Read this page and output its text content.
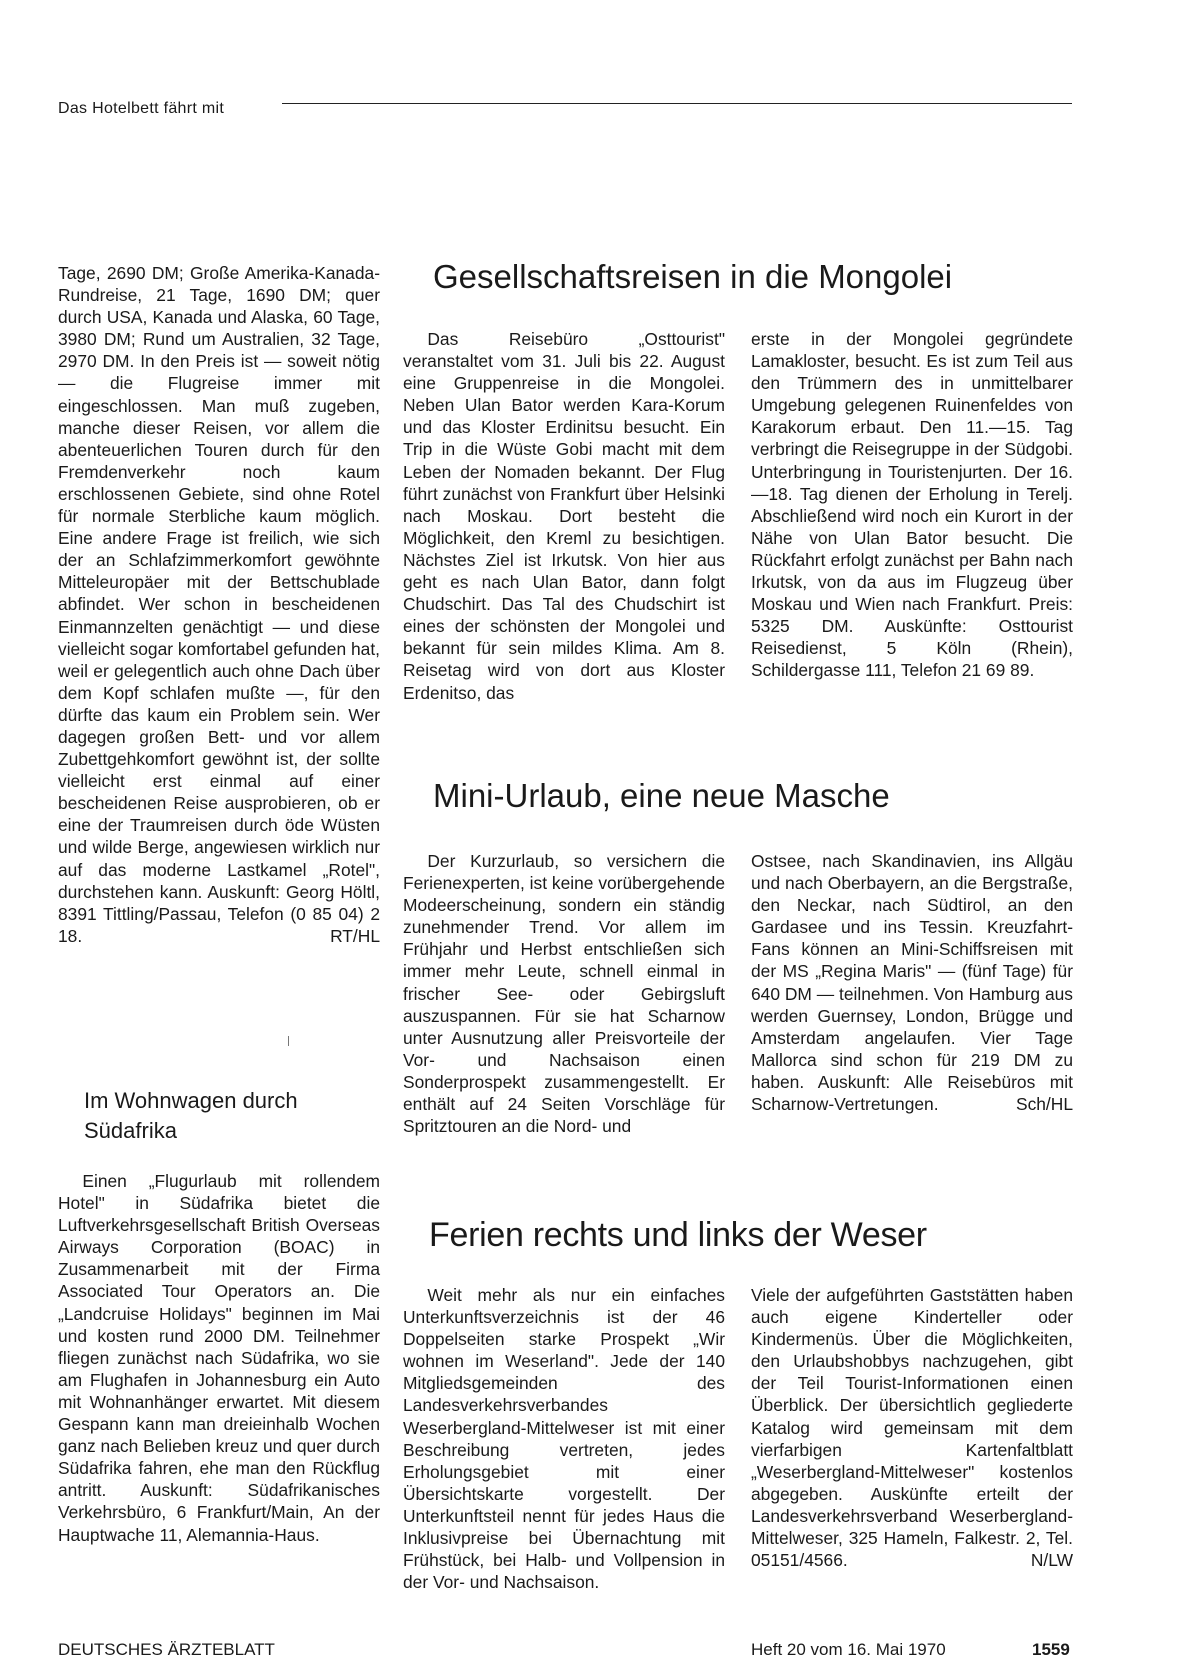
Das Hotelbett fährt mit

Tage, 2690 DM; Große Amerika-Kanada-Rundreise, 21 Tage, 1690 DM; quer durch USA, Kanada und Alaska, 60 Tage, 3980 DM; Rund um Australien, 32 Tage, 2970 DM. In den Preis ist — soweit nötig — die Flugreise immer mit eingeschlossen. Man muß zugeben, manche dieser Reisen, vor allem die abenteuerlichen Touren durch für den Fremdenverkehr noch kaum erschlossenen Gebiete, sind ohne Rotel für normale Sterbliche kaum möglich. Eine andere Frage ist freilich, wie sich der an Schlafzimmerkomfort gewöhnte Mitteleuropäer mit der Bettschublade abfindet. Wer schon in bescheidenen Einmannzelten genächtigt — und diese vielleicht sogar komfortabel gefunden hat, weil er gelegentlich auch ohne Dach über dem Kopf schlafen mußte —, für den dürfte das kaum ein Problem sein. Wer dagegen großen Bett- und vor allem Zubettgehkomfort gewöhnt ist, der sollte vielleicht erst einmal auf einer bescheidenen Reise ausprobieren, ob er eine der Traumreisen durch öde Wüsten und wilde Berge, angewiesen wirklich nur auf das moderne Lastkamel „Rotel", durchstehen kann. Auskunft: Georg Höltl, 8391 Tittling/Passau, Telefon (0 85 04) 2 18.	RT/HL

Im Wohnwagen durch Südafrika

Einen „Flugurlaub mit rollendem Hotel" in Südafrika bietet die Luftverkehrsgesellschaft British Overseas Airways Corporation (BOAC) in Zusammenarbeit mit der Firma Associated Tour Operators an. Die „Landcruise Holidays" beginnen im Mai und kosten rund 2000 DM. Teilnehmer fliegen zunächst nach Südafrika, wo sie am Flughafen in Johannesburg ein Auto mit Wohnanhänger erwartet. Mit diesem Gespann kann man dreieinhalb Wochen ganz nach Belieben kreuz und quer durch Südafrika fahren, ehe man den Rückflug antritt. Auskunft: Südafrikanisches Verkehrsbüro, 6 Frankfurt/Main, An der Hauptwache 11, Alemannia-Haus.

Gesellschaftsreisen in die Mongolei

Das Reisebüro „Osttourist" veranstaltet vom 31. Juli bis 22. August eine Gruppenreise in die Mongolei. Neben Ulan Bator werden Kara-Korum und das Kloster Erdinitsu besucht. Ein Trip in die Wüste Gobi macht mit dem Leben der Nomaden bekannt. Der Flug führt zunächst von Frankfurt über Helsinki nach Moskau. Dort besteht die Möglichkeit, den Kreml zu besichtigen. Nächstes Ziel ist Irkutsk. Von hier aus geht es nach Ulan Bator, dann folgt Chudschirt. Das Tal des Chudschirt ist eines der schönsten der Mongolei und bekannt für sein mildes Klima. Am 8. Reisetag wird von dort aus Kloster Erdenitso, das

erste in der Mongolei gegründete Lamakloster, besucht. Es ist zum Teil aus den Trümmern des in unmittelbarer Umgebung gelegenen Ruinenfeldes von Karakorum erbaut. Den 11.—15. Tag verbringt die Reisegruppe in der Südgobi. Unterbringung in Touristenjurten. Der 16.—18. Tag dienen der Erholung in Terelj. Abschließend wird noch ein Kurort in der Nähe von Ulan Bator besucht. Die Rückfahrt erfolgt zunächst per Bahn nach Irkutsk, von da aus im Flugzeug über Moskau und Wien nach Frankfurt. Preis: 5325 DM. Auskünfte: Osttourist Reisedienst, 5 Köln (Rhein), Schildergasse 111, Telefon 21 69 89.

Mini-Urlaub, eine neue Masche

Der Kurzurlaub, so versichern die Ferienexperten, ist keine vorübergehende Modeerscheinung, sondern ein ständig zunehmender Trend. Vor allem im Frühjahr und Herbst entschließen sich immer mehr Leute, schnell einmal in frischer See- oder Gebirgsluft auszuspannen. Für sie hat Scharnow unter Ausnutzung aller Preisvorteile der Vor- und Nachsaison einen Sonderprospekt zusammengestellt. Er enthält auf 24 Seiten Vorschläge für Spritztouren an die Nord- und

Ostsee, nach Skandinavien, ins Allgäu und nach Oberbayern, an die Bergstraße, den Neckar, nach Südtirol, an den Gardasee und ins Tessin. Kreuzfahrt-Fans können an Mini-Schiffsreisen mit der MS „Regina Maris" — (fünf Tage) für 640 DM — teilnehmen. Von Hamburg aus werden Guernsey, London, Brügge und Amsterdam angelaufen. Vier Tage Mallorca sind schon für 219 DM zu haben. Auskunft: Alle Reisebüros mit Scharnow-Vertretungen.	Sch/HL

Ferien rechts und links der Weser

Weit mehr als nur ein einfaches Unterkunftsverzeichnis ist der 46 Doppelseiten starke Prospekt „Wir wohnen im Weserland". Jede der 140 Mitgliedsgemeinden des Landesverkehrsverbandes Weserbergland-Mittelweser ist mit einer Beschreibung vertreten, jedes Erholungsgebiet mit einer Übersichtskarte vorgestellt. Der Unterkunftsteil nennt für jedes Haus die Inklusivpreise bei Übernachtung mit Frühstück, bei Halb- und Vollpension in der Vor- und Nachsaison.

Viele der aufgeführten Gaststätten haben auch eigene Kinderteller oder Kindermenüs. Über die Möglichkeiten, den Urlaubshobbys nachzugehen, gibt der Teil Tourist-Informationen einen Überblick. Der übersichtlich gegliederte Katalog wird gemeinsam mit dem vierfarbigen Kartenfaltblatt „Weserbergland-Mittelweser" kostenlos abgegeben. Auskünfte erteilt der Landesverkehrsverband Weserbergland-Mittelweser, 325 Hameln, Falkestr. 2, Tel. 05151/4566.	N/LW

DEUTSCHES ÄRZTEBLATT	Heft 20 vom 16. Mai 1970	1559
